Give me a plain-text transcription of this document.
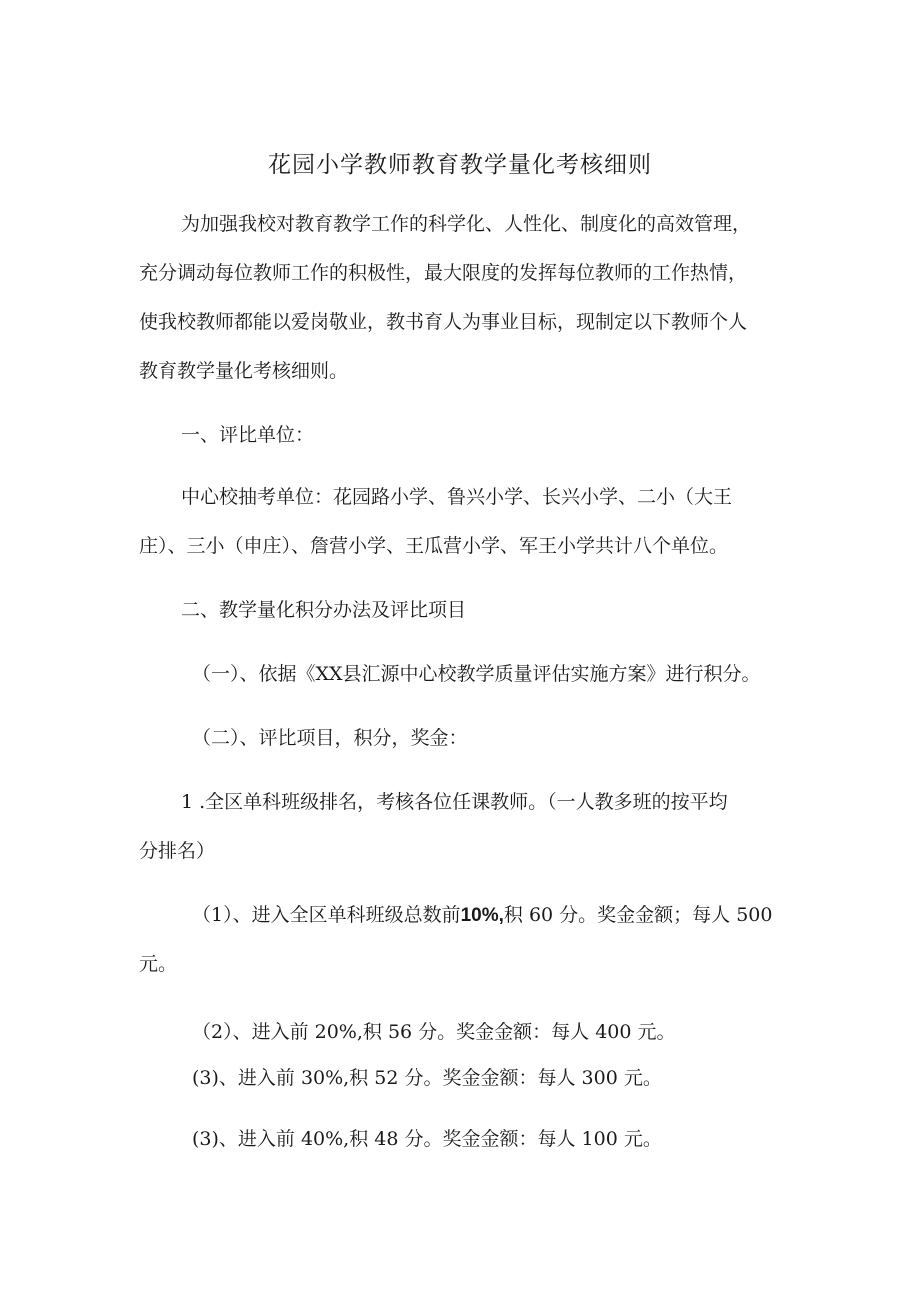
花园小学教师教育教学量化考核细则

为加强我校对教育教学工作的科学化、人性化、制度化的高效管理，

充分调动每位教师工作的积极性，最大限度的发挥每位教师的工作热情，

使我校教师都能以爱岗敬业，教书育人为事业目标，现制定以下教师个人

教育教学量化考核细则。

一、评比单位：

中心校抽考单位：花园路小学、鲁兴小学、长兴小学、二小（大王

庄）、三小（申庄）、詹营小学、王瓜营小学、军王小学共计八个单位。

二、教学量化积分办法及评比项目

（一）、依据《XX县汇源中心校教学质量评估实施方案》进行积分。

（二）、评比项目，积分，奖金：

1 .全区单科班级排名，考核各位任课教师。（一人教多班的按平均

分排名）

（1）、进入全区单科班级总数前10%,积 60 分。奖金金额；每人 500

元。

（2）、进入前 20%,积 56 分。奖金金额：每人 400 元。

(3)、进入前 30%,积 52 分。奖金金额：每人 300 元。

(3)、进入前 40%,积 48 分。奖金金额：每人 100 元。
